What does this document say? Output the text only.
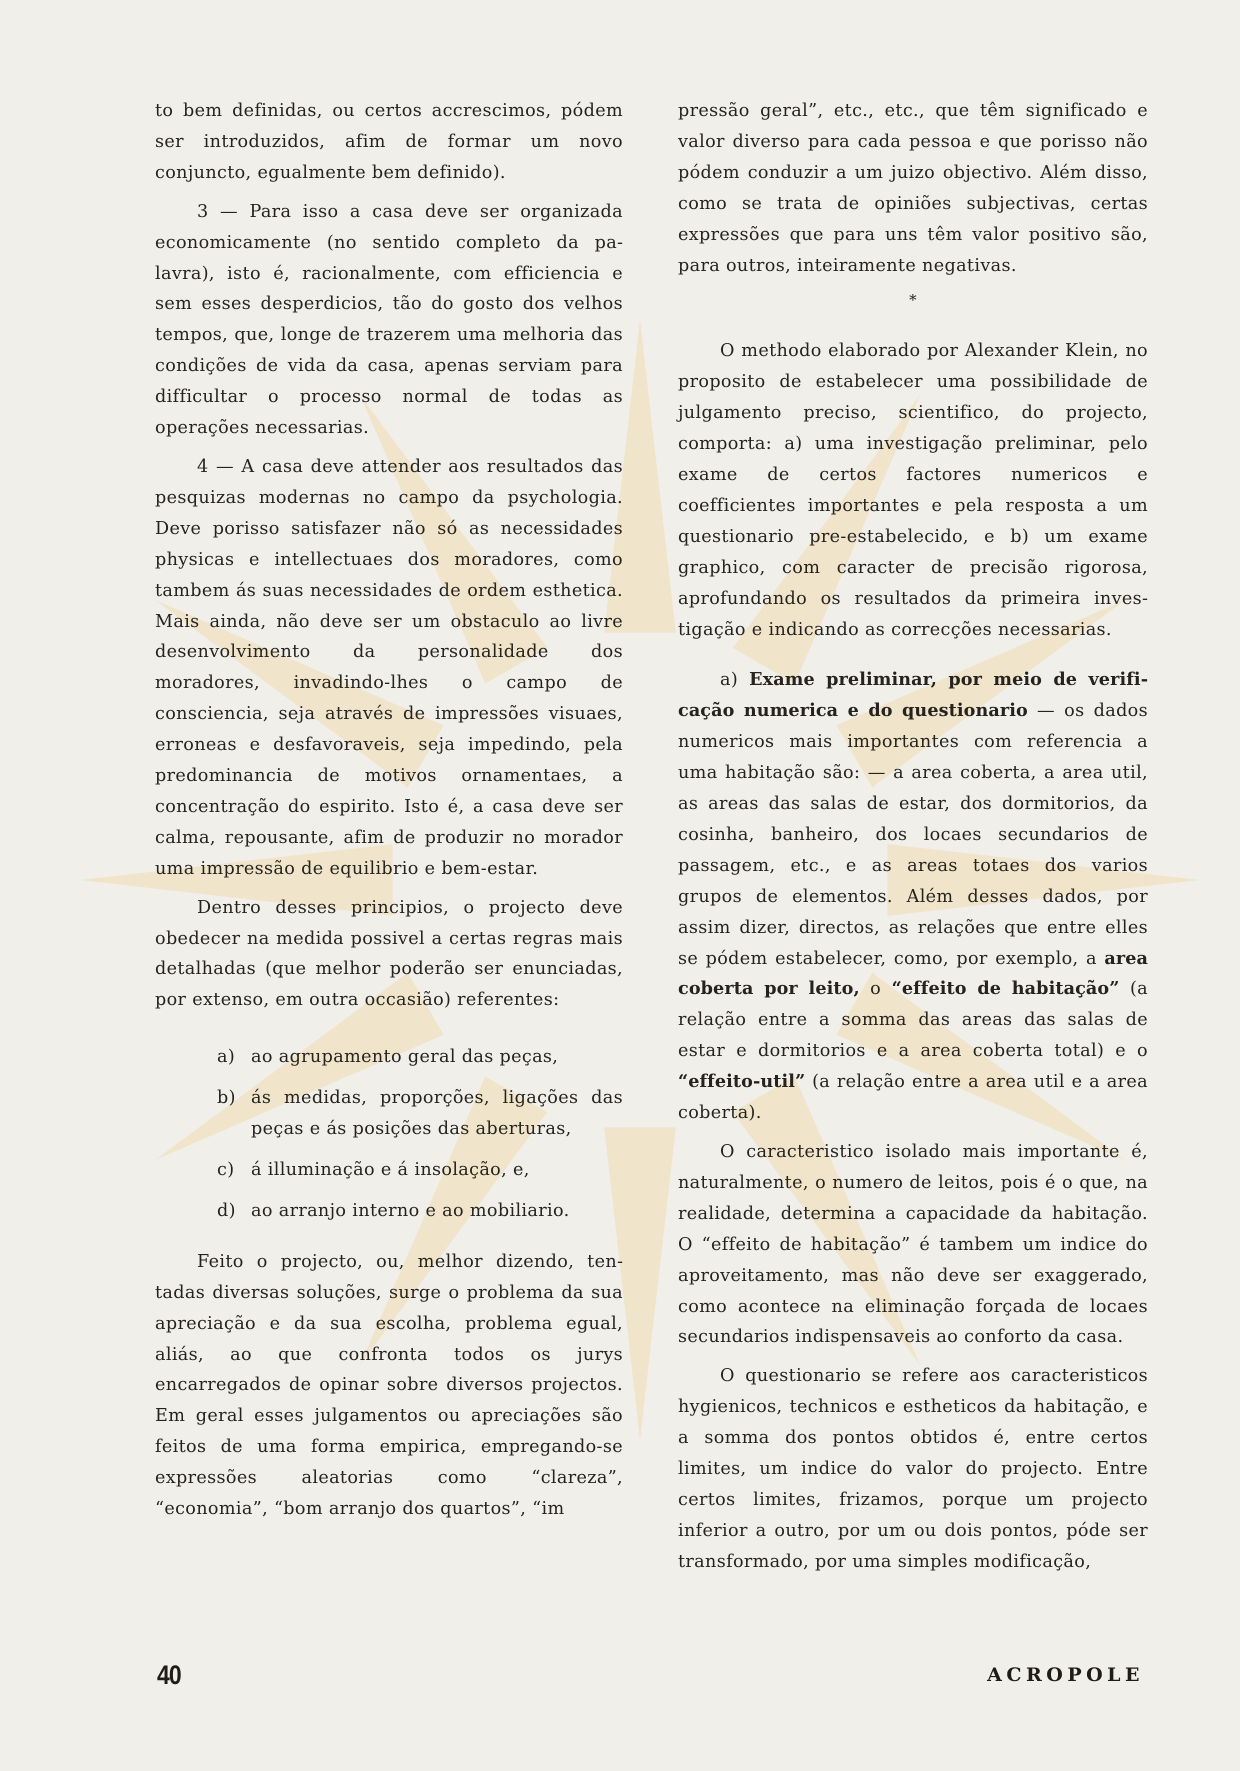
to bem definidas, ou certos accrescimos, pódem ser introduzidos, afim de formar um novo conjuncto, egualmente bem definido).

3 — Para isso a casa deve ser organizada economicamente (no sentido completo da palavra), isto é, racionalmente, com efficiencia e sem esses desperdicios, tão do gosto dos velhos tempos, que, longe de trazerem uma melhoria das condições de vida da casa, apenas serviam para difficultar o processo normal de todas as operações necessarias.

4 — A casa deve attender aos resultados das pesquizas modernas no campo da psychologia. Deve porisso satisfazer não só as necessidades physicas e intellectuaes dos moradores, como tambem ás suas necessidades de ordem esthetica. Mais ainda, não deve ser um obstaculo ao livre desenvolvimento da personalidade dos moradores, invadindo-lhes o campo de consciencia, seja através de impressões visuaes, erroneas e desfavoraveis, seja impedindo, pela predominancia de motivos ornamentaes, a concentração do espirito. Isto é, a casa deve ser calma, repousante, afim de produzir no morador uma impressão de equilibrio e bem-estar.

Dentro desses principios, o projecto deve obedecer na medida possivel a certas regras mais detalhadas (que melhor poderão ser enunciadas, por extenso, em outra occasião) referentes:

a) ao agrupamento geral das peças,
b) ás medidas, proporções, ligações das peças e ás posições das aberturas,
c) á illuminação e á insolação, e,
d) ao arranjo interno e ao mobiliario.

Feito o projecto, ou, melhor dizendo, tentadas diversas soluções, surge o problema da sua apreciação e da sua escolha, problema egual, aliás, ao que confronta todos os jurys encarregados de opinar sobre diversos projectos. Em geral esses julgamentos ou apreciações são feitos de uma forma empirica, empregando-se expressões aleatorias como “clareza”, “economia”, “bom arranjo dos quartos”, “im

pressão geral”, etc., etc., que têm significado e valor diverso para cada pessoa e que porisso não pódem conduzir a um juizo objectivo. Além disso, como se trata de opiniões subjectivas, certas expressões que para uns têm valor positivo são, para outros, inteiramente negativas.

*

O methodo elaborado por Alexander Klein, no proposito de estabelecer uma possibilidade de julgamento preciso, scientifico, do projecto, comporta: a) uma investigação preliminar, pelo exame de certos factores numericos e coefficientes importantes e pela resposta a um questionario pre-estabelecido, e b) um exame graphico, com caracter de precisão rigorosa, aprofundando os resultados da primeira investigação e indicando as correcções necessarias.

a) Exame preliminar, por meio de verificação numerica e do questionario — os dados numericos mais importantes com referencia a uma habitação são: — a area coberta, a area util, as areas das salas de estar, dos dormitorios, da cosinha, banheiro, dos locaes secundarios de passagem, etc., e as areas totaes dos varios grupos de elementos. Além desses dados, por assim dizer, directos, as relações que entre elles se pódem estabelecer, como, por exemplo, a area coberta por leito, o “effeito de habitação” (a relação entre a somma das areas das salas de estar e dormitorios e a area coberta total) e o “effeito-util” (a relação entre a area util e a area coberta).

O caracteristico isolado mais importante é, naturalmente, o numero de leitos, pois é o que, na realidade, determina a capacidade da habitação. O “effeito de habitação” é tambem um indice do aproveitamento, mas não deve ser exaggerado, como acontece na eliminação forçada de locaes secundarios indispensaveis ao conforto da casa.

O questionario se refere aos caracteristicos hygienicos, technicos e estheticos da habitação, e a somma dos pontos obtidos é, entre certos limites, um indice do valor do projecto. Entre certos limites, frizamos, porque um projecto inferior a outro, por um ou dois pontos, póde ser transformado, por uma simples modificação,

40	ACROPOLE
